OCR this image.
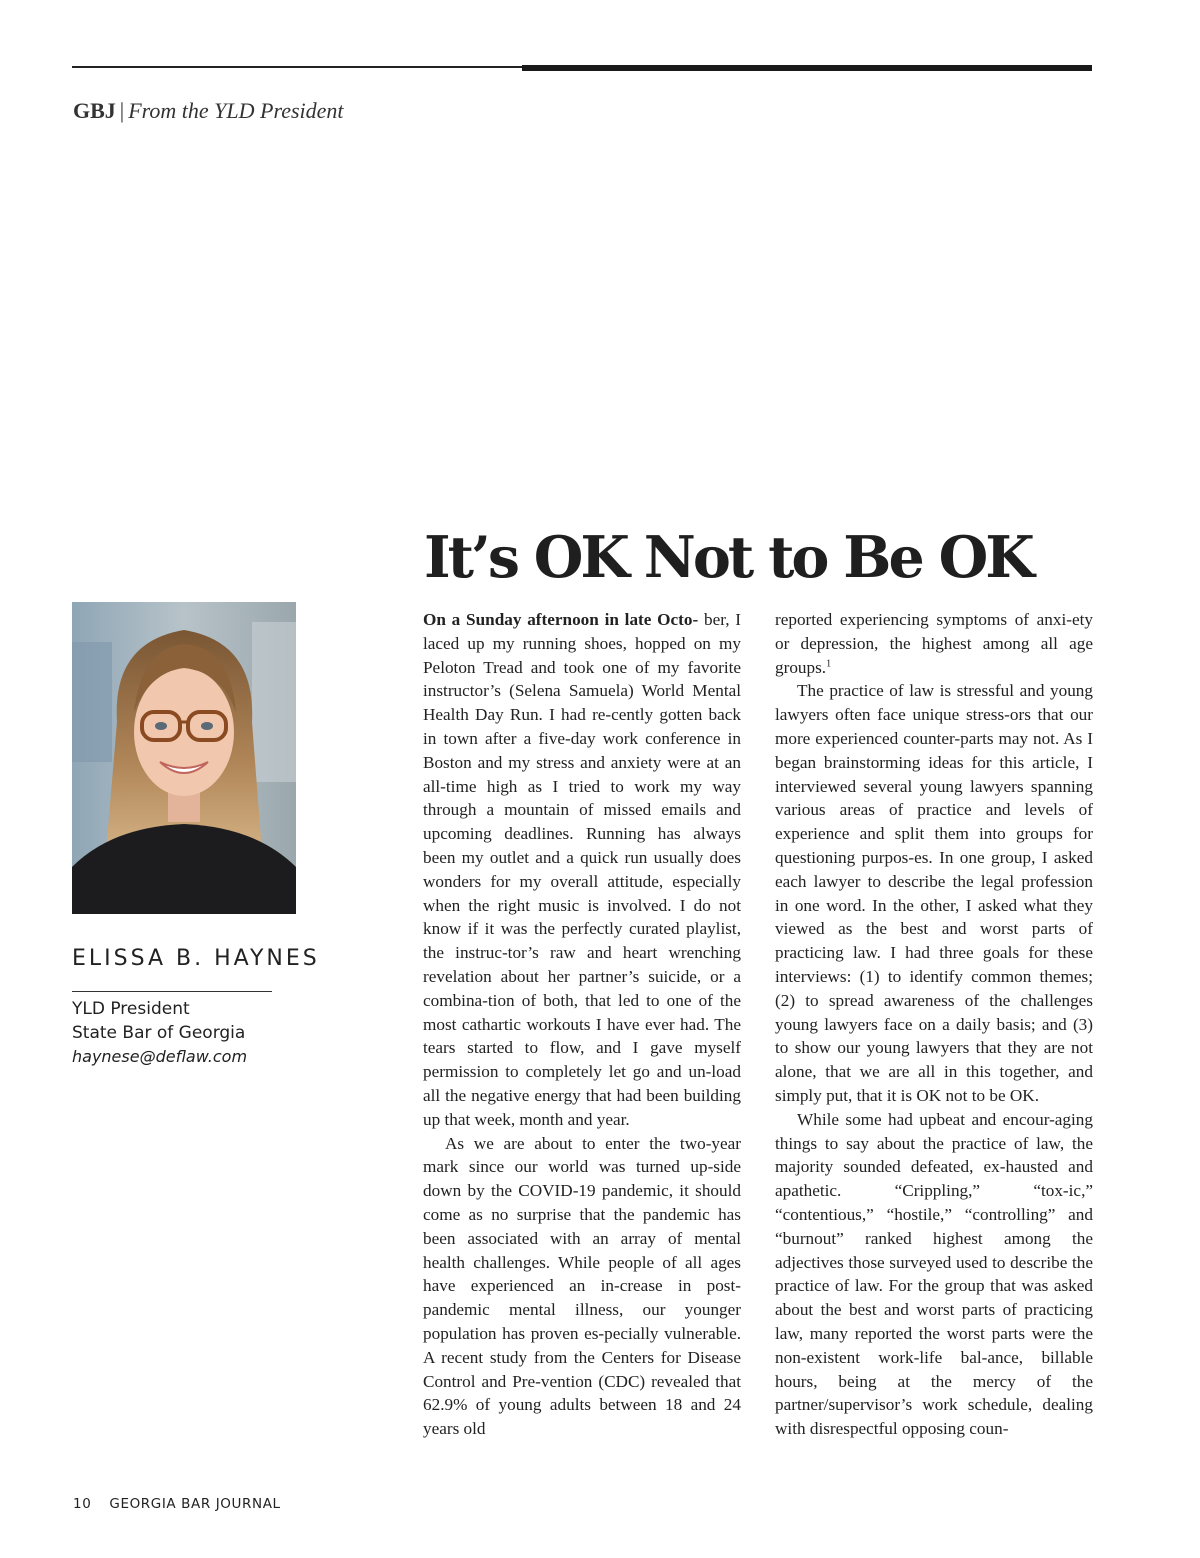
GBJ | From the YLD President
It’s OK Not to Be OK
ELISSA B. HAYNES
YLD President
State Bar of Georgia
haynese@deflaw.com

On a Sunday afternoon in late Octo- ber, I laced up my running shoes, hopped on my Peloton Tread and took one of my favorite instructor’s (Selena Samuela) World Mental Health Day Run. I had re-cently gotten back in town after a five-day work conference in Boston and my stress and anxiety were at an all-time high as I tried to work my way through a mountain of missed emails and upcoming deadlines. Running has always been my outlet and a quick run usually does wonders for my overall attitude, especially when the right music is involved. I do not know if it was the perfectly curated playlist, the instruc-tor’s raw and heart wrenching revelation about her partner’s suicide, or a combina-tion of both, that led to one of the most cathartic workouts I have ever had. The tears started to flow, and I gave myself permission to completely let go and un-load all the negative energy that had been building up that week, month and year.

As we are about to enter the two-year mark since our world was turned up-side down by the COVID-19 pandemic, it should come as no surprise that the pandemic has been associated with an array of mental health challenges. While people of all ages have experienced an in-crease in post-pandemic mental illness, our younger population has proven es-pecially vulnerable. A recent study from the Centers for Disease Control and Pre-vention (CDC) revealed that 62.9% of young adults between 18 and 24 years old

reported experiencing symptoms of anxi-ety or depression, the highest among all age groups.$^1$

The practice of law is stressful and young lawyers often face unique stress-ors that our more experienced counter-parts may not. As I began brainstorming ideas for this article, I interviewed several young lawyers spanning various areas of practice and levels of experience and split them into groups for questioning purpos-es. In one group, I asked each lawyer to describe the legal profession in one word. In the other, I asked what they viewed as the best and worst parts of practicing law. I had three goals for these interviews: (1) to identify common themes; (2) to spread awareness of the challenges young lawyers face on a daily basis; and (3) to show our young lawyers that they are not alone, that we are all in this together, and simply put, that it is OK not to be OK.

While some had upbeat and encour-aging things to say about the practice of law, the majority sounded defeated, ex-hausted and apathetic. “Crippling,” “tox-ic,” “contentious,” “hostile,” “controlling” and “burnout” ranked highest among the adjectives those surveyed used to describe the practice of law. For the group that was asked about the best and worst parts of practicing law, many reported the worst parts were the non-existent work-life bal-ance, billable hours, being at the mercy of the partner/supervisor’s work schedule, dealing with disrespectful opposing coun-

10 GEORGIA BAR JOURNAL
